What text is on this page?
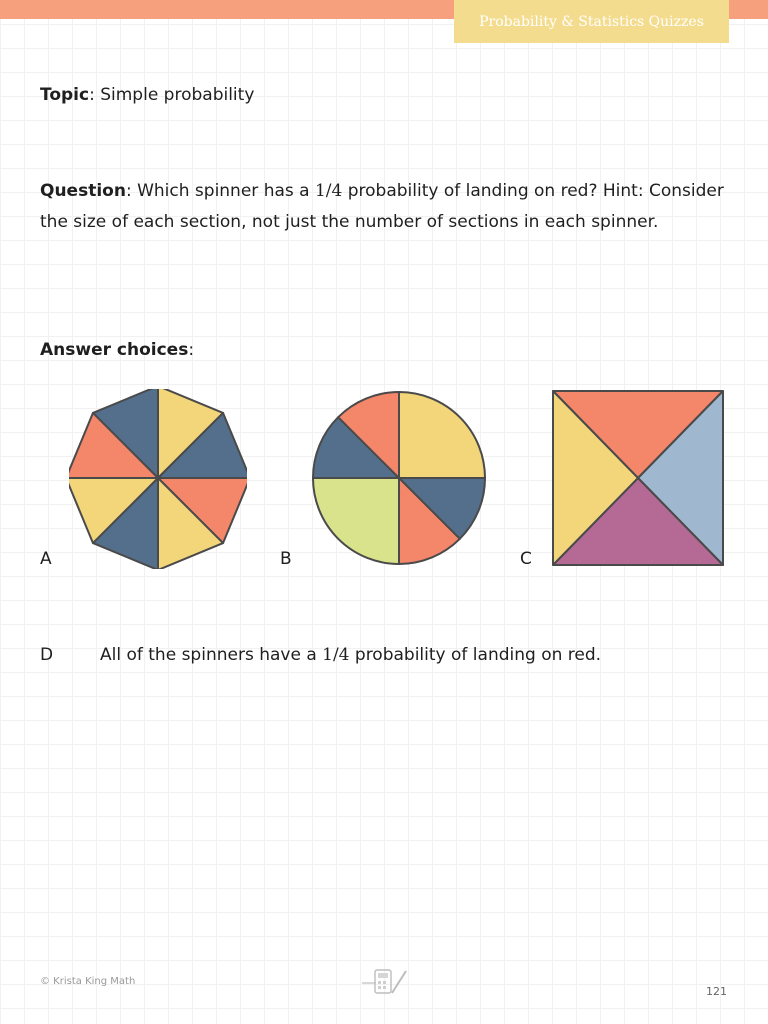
Probability & Statistics Quizzes

Topic: Simple probability

Question: Which spinner has a 1/4 probability of landing on red? Hint: Consider the size of each section, not just the number of sections in each spinner.

Answer choices:

A	B	C
D	All of the spinners have a 1/4 probability of landing on red.
© Krista King Math
121
